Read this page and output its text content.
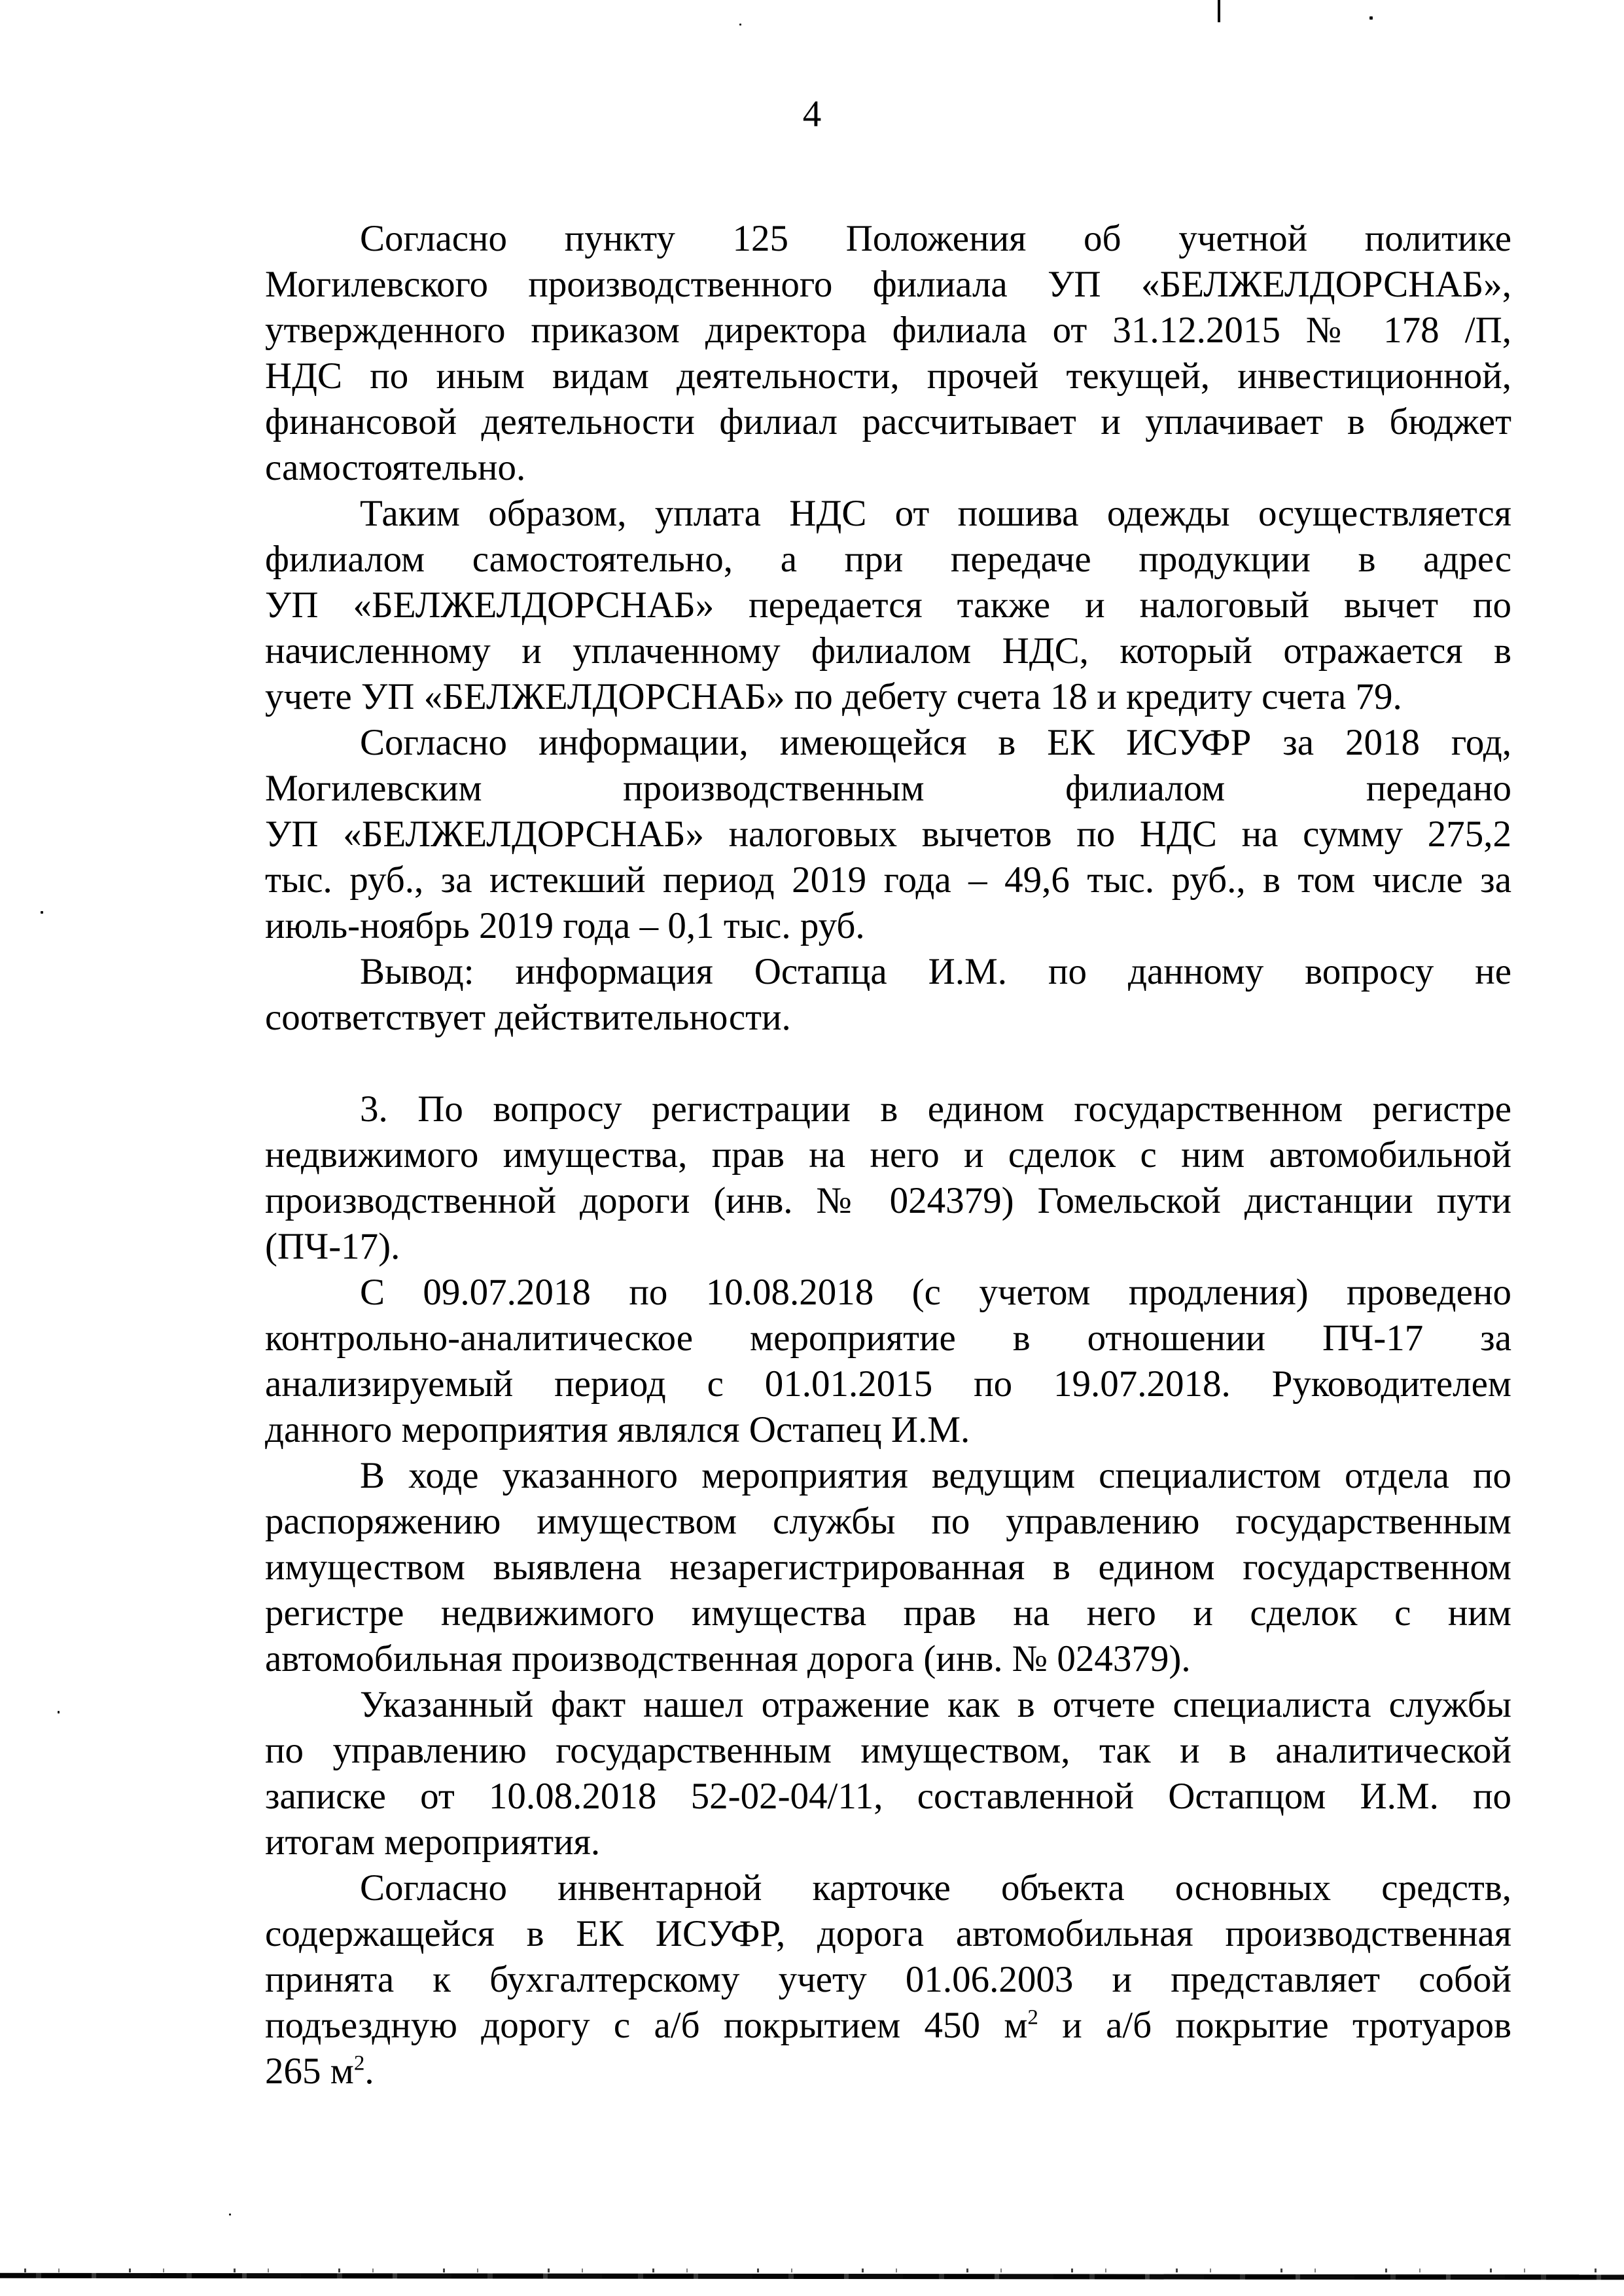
4

Согласно пункту 125 Положения об учетной политике
Могилевского производственного филиала УП «БЕЛЖЕЛДОРСНАБ»,
утвержденного приказом директора филиала от 31.12.2015 № 178 /П,
НДС по иным видам деятельности, прочей текущей, инвестиционной,
финансовой деятельности филиал рассчитывает и уплачивает в бюджет
самостоятельно.

Таким образом, уплата НДС от пошива одежды осуществляется
филиалом самостоятельно, а при передаче продукции в адрес
УП «БЕЛЖЕЛДОРСНАБ» передается также и налоговый вычет по
начисленному и уплаченному филиалом НДС, который отражается в
учете УП «БЕЛЖЕЛДОРСНАБ» по дебету счета 18 и кредиту счета 79.

Согласно информации, имеющейся в ЕК ИСУФР за 2018 год,
Могилевским производственным филиалом передано
УП «БЕЛЖЕЛДОРСНАБ» налоговых вычетов по НДС на сумму 275,2
тыс. руб., за истекший период 2019 года – 49,6 тыс. руб., в том числе за
июль-ноябрь 2019 года – 0,1 тыс. руб.

Вывод: информация Остапца И.М. по данному вопросу не
соответствует действительности.

3. По вопросу регистрации в едином государственном регистре
недвижимого имущества, прав на него и сделок с ним автомобильной
производственной дороги (инв. № 024379) Гомельской дистанции пути
(ПЧ-17).

С 09.07.2018 по 10.08.2018 (с учетом продления) проведено
контрольно-аналитическое мероприятие в отношении ПЧ-17 за
анализируемый период с 01.01.2015 по 19.07.2018. Руководителем
данного мероприятия являлся Остапец И.М.

В ходе указанного мероприятия ведущим специалистом отдела по
распоряжению имуществом службы по управлению государственным
имуществом выявлена незарегистрированная в едином государственном
регистре недвижимого имущества прав на него и сделок с ним
автомобильная производственная дорога (инв. № 024379).

Указанный факт нашел отражение как в отчете специалиста службы
по управлению государственным имуществом, так и в аналитической
записке от 10.08.2018 52-02-04/11, составленной Остапцом И.М. по
итогам мероприятия.

Согласно инвентарной карточке объекта основных средств,
содержащейся в ЕК ИСУФР, дорога автомобильная производственная
принята к бухгалтерскому учету 01.06.2003 и представляет собой
подъездную дорогу с а/б покрытием 450 м2 и а/б покрытие тротуаров
265 м2.
